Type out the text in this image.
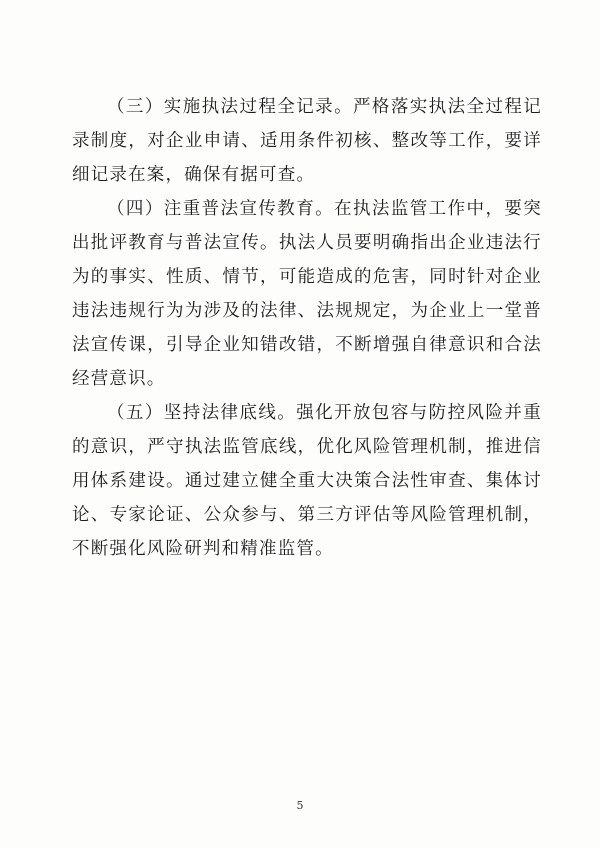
（三）实施执法过程全记录。严格落实执法全过程记录制度，对企业申请、适用条件初核、整改等工作，要详细记录在案，确保有据可查。

（四）注重普法宣传教育。在执法监管工作中，要突出批评教育与普法宣传。执法人员要明确指出企业违法行为的事实、性质、情节，可能造成的危害，同时针对企业违法违规行为为涉及的法律、法规规定，为企业上一堂普法宣传课，引导企业知错改错，不断增强自律意识和合法经营意识。

（五）坚持法律底线。强化开放包容与防控风险并重的意识，严守执法监管底线，优化风险管理机制，推进信用体系建设。通过建立健全重大决策合法性审查、集体讨论、专家论证、公众参与、第三方评估等风险管理机制，不断强化风险研判和精准监管。

5
